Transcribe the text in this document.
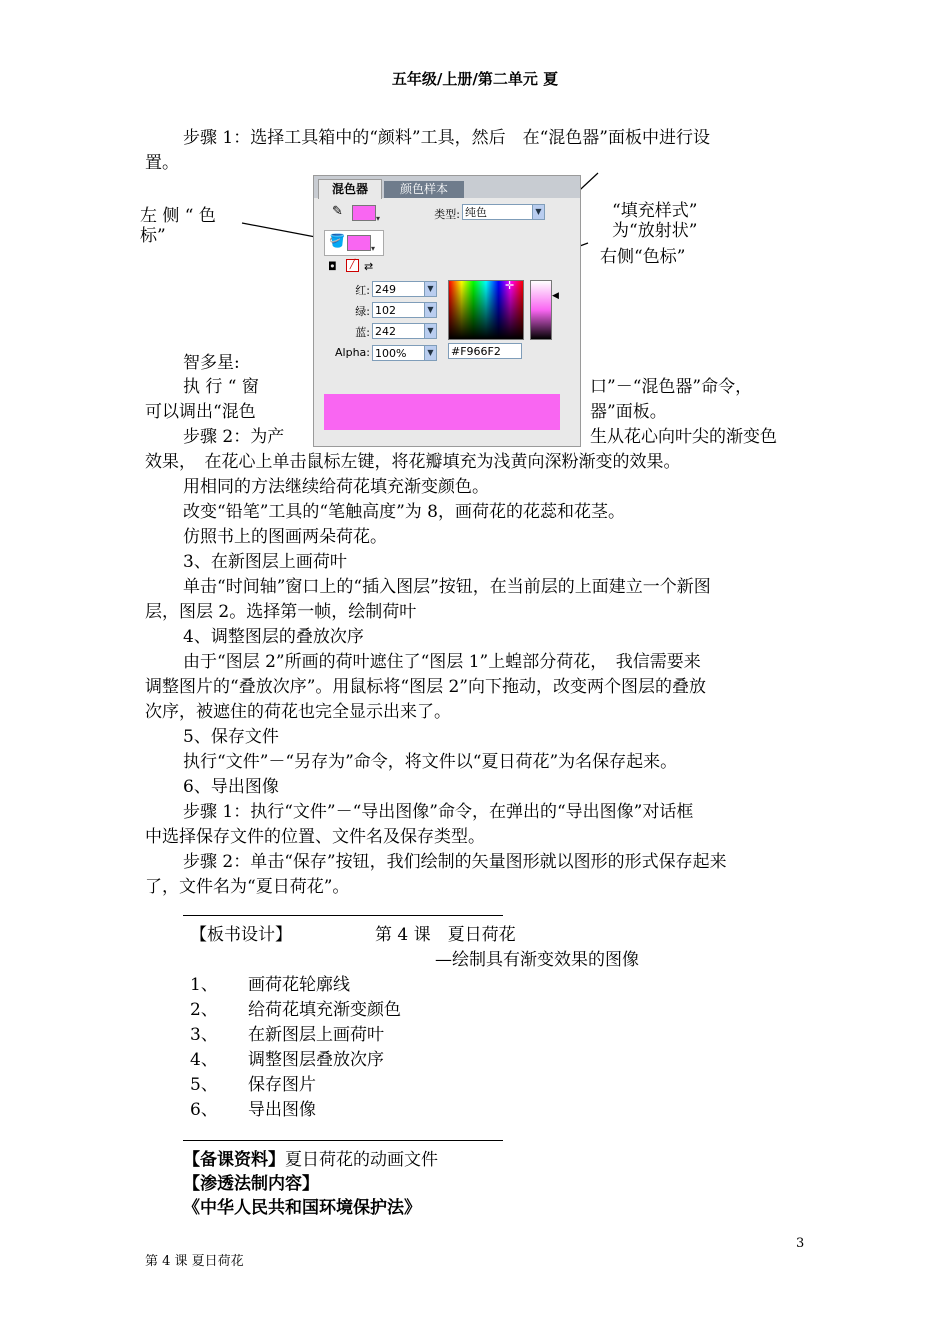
五年级/上册/第二单元 夏
步骤 1：选择工具箱中的“颜料”工具，然后　在“混色器”面板中进行设
置。
左 侧 “ 色
标”
“填充样式”
为“放射状”
右侧“色标”
混色器	颜色样本
✎	▾	类型: 纯色	▼
🪣	▾
◘	╱ ⇄
红: 249	▼
绿: 102	▼
蓝: 242	▼
Alpha: 100%	▼
✛
◀
#F966F2
智多星:
执 行 “ 窗	口”－“混色器”命令，
可以调出“混色	器”面板。
步骤 2：为产	生从花心向叶尖的渐变色
效果，　在花心上单击鼠标左键，将花瓣填充为浅黄向深粉渐变的效果。
用相同的方法继续给荷花填充渐变颜色。
改变“铅笔”工具的“笔触高度”为 8，画荷花的花蕊和花茎。
仿照书上的图画两朵荷花。
3、在新图层上画荷叶
单击“时间轴”窗口上的“插入图层”按钮，在当前层的上面建立一个新图
层，图层 2。选择第一帧，绘制荷叶
4、调整图层的叠放次序
由于“图层 2”所画的荷叶遮住了“图层 1”上蝗部分荷花，　我信需要来
调整图片的“叠放次序”。用鼠标将“图层 2”向下拖动，改变两个图层的叠放
次序，被遮住的荷花也完全显示出来了。
5、保存文件
执行“文件”－“另存为”命令，将文件以“夏日荷花”为名保存起来。
6、导出图像
步骤 1：执行“文件”－“导出图像”命令，在弹出的“导出图像”对话框
中选择保存文件的位置、文件名及保存类型。
步骤 2：单击“保存”按钮，我们绘制的矢量图形就以图形的形式保存起来
了，文件名为“夏日荷花”。
【板书设计】	第 4 课　夏日荷花
—绘制具有渐变效果的图像
1、 画荷花轮廓线
2、 给荷花填充渐变颜色
3、 在新图层上画荷叶
4、 调整图层叠放次序
5、 保存图片
6、 导出图像
【备课资料】夏日荷花的动画文件
【渗透法制内容】
《中华人民共和国环境保护法》
3
第 4 课 夏日荷花
